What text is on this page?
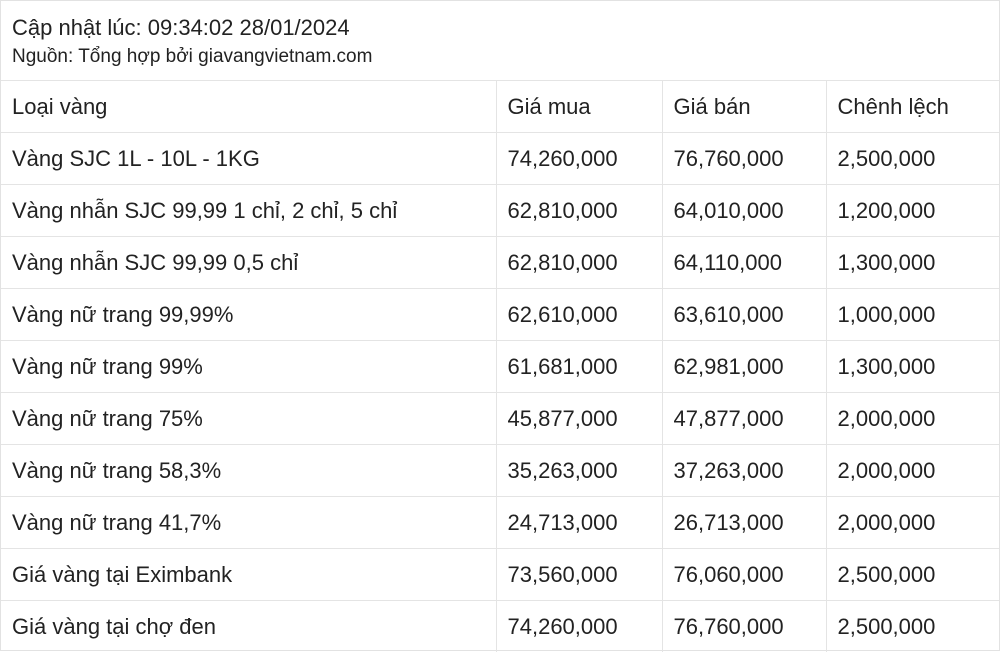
Cập nhật lúc: 09:34:02 28/01/2024
Nguồn: Tổng hợp bởi giavangvietnam.com
Loại vàng	Giá mua	Giá bán	Chênh lệch
Vàng SJC 1L - 10L - 1KG	74,260,000	76,760,000	2,500,000
Vàng nhẫn SJC 99,99 1 chỉ, 2 chỉ, 5 chỉ	62,810,000	64,010,000	1,200,000
Vàng nhẫn SJC 99,99 0,5 chỉ	62,810,000	64,110,000	1,300,000
Vàng nữ trang 99,99%	62,610,000	63,610,000	1,000,000
Vàng nữ trang 99%	61,681,000	62,981,000	1,300,000
Vàng nữ trang 75%	45,877,000	47,877,000	2,000,000
Vàng nữ trang 58,3%	35,263,000	37,263,000	2,000,000
Vàng nữ trang 41,7%	24,713,000	26,713,000	2,000,000
Giá vàng tại Eximbank	73,560,000	76,060,000	2,500,000
Giá vàng tại chợ đen	74,260,000	76,760,000	2,500,000
